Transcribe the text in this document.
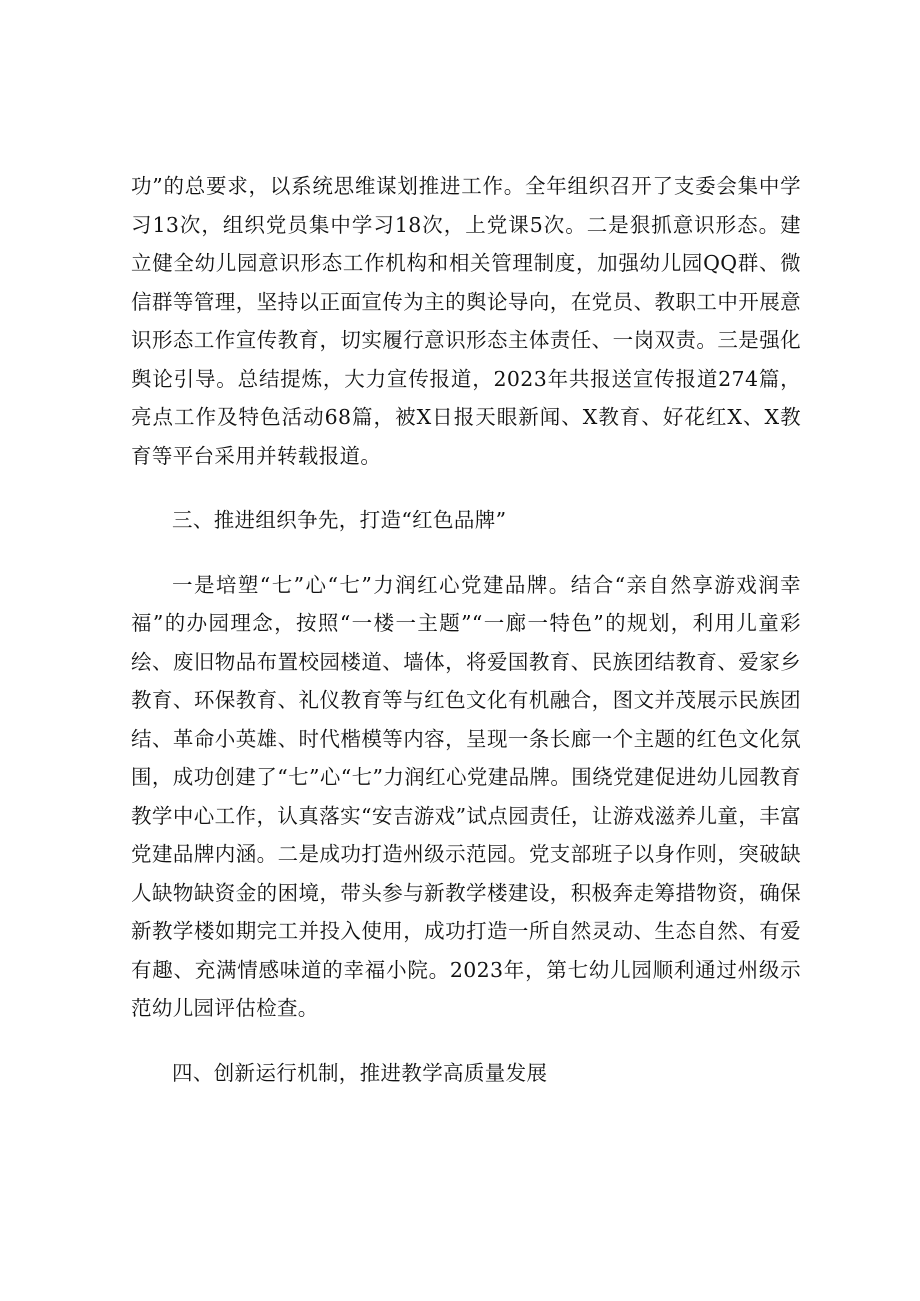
功”的总要求，以系统思维谋划推进工作。全年组织召开了支委会集中学习13次，组织党员集中学习18次，上党课5次。二是狠抓意识形态。建立健全幼儿园意识形态工作机构和相关管理制度，加强幼儿园QQ群、微信群等管理，坚持以正面宣传为主的舆论导向，在党员、教职工中开展意识形态工作宣传教育，切实履行意识形态主体责任、一岗双责。三是强化舆论引导。总结提炼，大力宣传报道，2023年共报送宣传报道274篇，亮点工作及特色活动68篇，被X日报天眼新闻、X教育、好花红X、X教育等平台采用并转载报道。

三、推进组织争先，打造“红色品牌”

一是培塑“七”心“七”力润红心党建品牌。结合“亲自然享游戏润幸福”的办园理念，按照“一楼一主题”“一廊一特色”的规划，利用儿童彩绘、废旧物品布置校园楼道、墙体，将爱国教育、民族团结教育、爱家乡教育、环保教育、礼仪教育等与红色文化有机融合，图文并茂展示民族团结、革命小英雄、时代楷模等内容，呈现一条长廊一个主题的红色文化氛围，成功创建了“七”心“七”力润红心党建品牌。围绕党建促进幼儿园教育教学中心工作，认真落实“安吉游戏”试点园责任，让游戏滋养儿童，丰富党建品牌内涵。二是成功打造州级示范园。党支部班子以身作则，突破缺人缺物缺资金的困境，带头参与新教学楼建设，积极奔走筹措物资，确保新教学楼如期完工并投入使用，成功打造一所自然灵动、生态自然、有爱有趣、充满情感味道的幸福小院。2023年，第七幼儿园顺利通过州级示范幼儿园评估检查。

四、创新运行机制，推进教学高质量发展
